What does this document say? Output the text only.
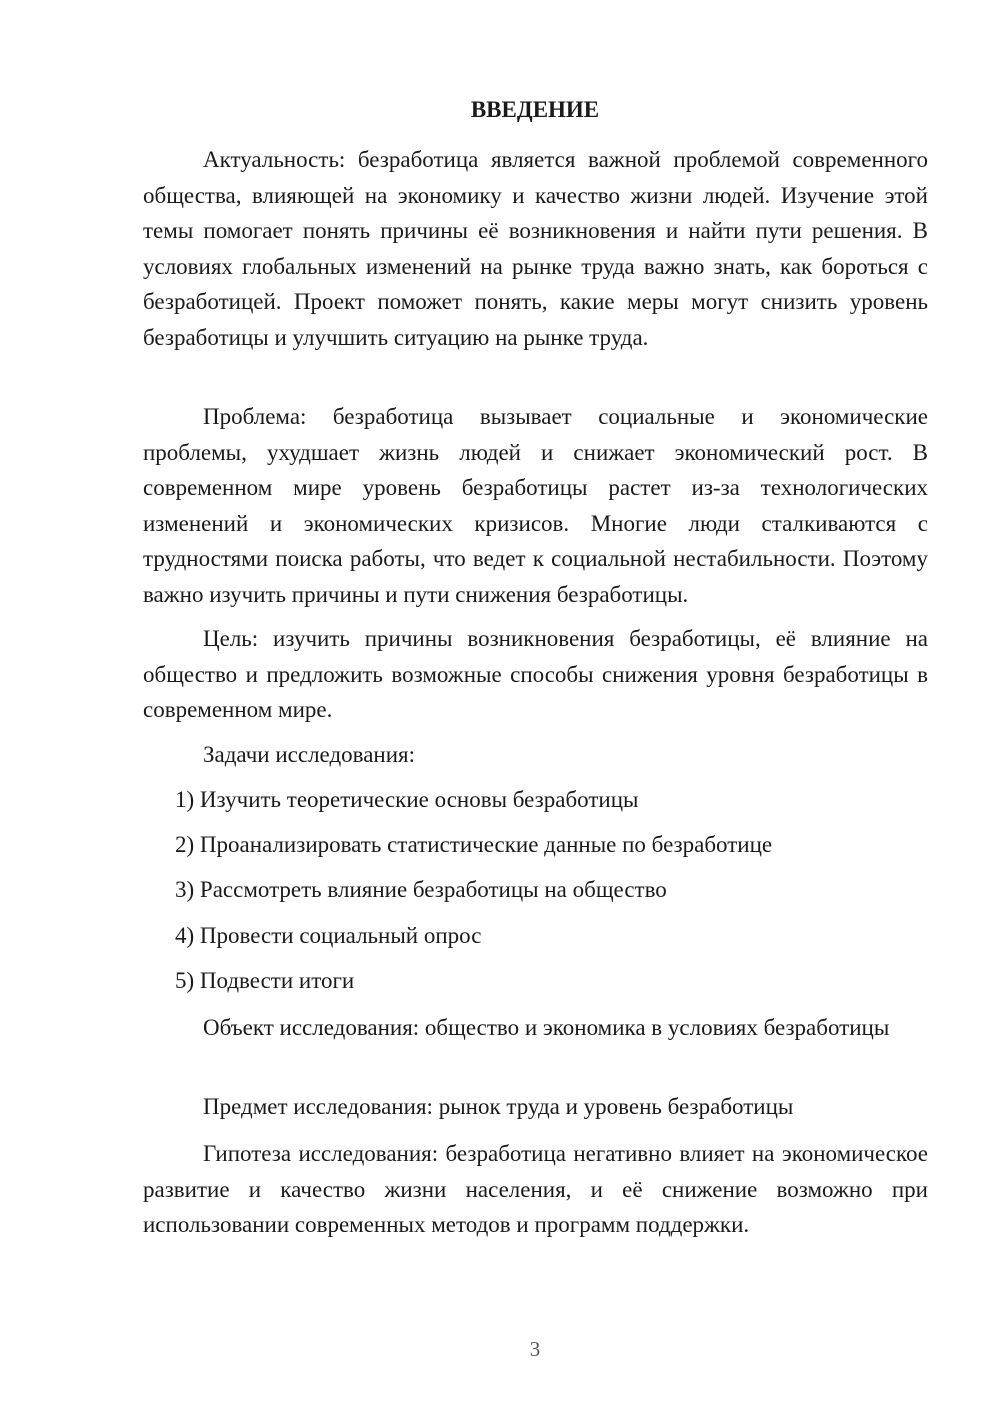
ВВЕДЕНИЕ
Актуальность: безработица является важной проблемой современного общества, влияющей на экономику и качество жизни людей. Изучение этой темы помогает понять причины её возникновения и найти пути решения. В условиях глобальных изменений на рынке труда важно знать, как бороться с безработицей. Проект поможет понять, какие меры могут снизить уровень безработицы и улучшить ситуацию на рынке труда.
Проблема: безработица вызывает социальные и экономические проблемы, ухудшает жизнь людей и снижает экономический рост. В современном мире уровень безработицы растет из-за технологических изменений и экономических кризисов. Многие люди сталкиваются с трудностями поиска работы, что ведет к социальной нестабильности. Поэтому важно изучить причины и пути снижения безработицы.
Цель: изучить причины возникновения безработицы, её влияние на общество и предложить возможные способы снижения уровня безработицы в современном мире.
Задачи исследования:
1) Изучить теоретические основы безработицы
2) Проанализировать статистические данные по безработице
3) Рассмотреть влияние безработицы на общество
4) Провести социальный опрос
5) Подвести итоги
Объект исследования: общество и экономика в условиях безработицы
Предмет исследования: рынок труда и уровень безработицы
Гипотеза исследования: безработица негативно влияет на экономическое развитие и качество жизни населения, и её снижение возможно при использовании современных методов и программ поддержки.
3
